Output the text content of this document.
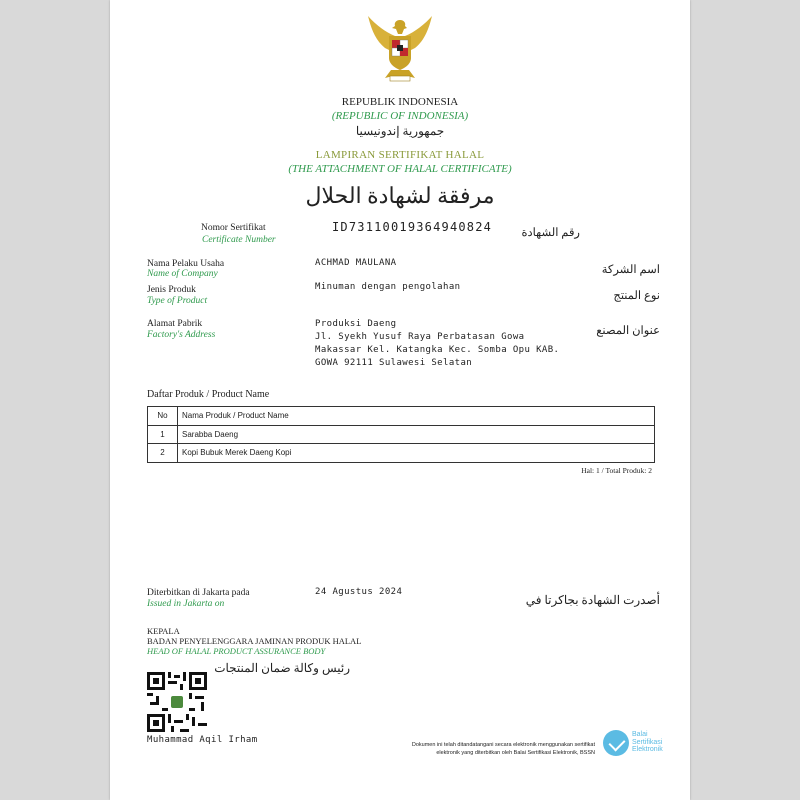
REPUBLIK INDONESIA
(REPUBLIC OF INDONESIA)
جمهورية إندونيسيا
LAMPIRAN SERTIFIKAT HALAL
(THE ATTACHMENT OF HALAL CERTIFICATE)
مرفقة لشهادة الحلال
Nomor Sertifikat
Certificate Number
ID73110019364940824	رقم الشهادة
Nama Pelaku Usaha
Name of Company
ACHMAD MAULANA
اسم الشركة
Jenis Produk
Type of Product
Minuman dengan pengolahan
نوع المنتج
Alamat Pabrik
Factory's Address
Produksi Daeng
Jl. Syekh Yusuf Raya Perbatasan Gowa
Makassar Kel. Katangka Kec. Somba Opu KAB.
GOWA 92111 Sulawesi Selatan
عنوان المصنع
Daftar Produk / Product Name
No	Nama Produk / Product Name
1	Sarabba Daeng
2	Kopi Bubuk Merek Daeng Kopi
Hal: 1 / Total Produk: 2
Diterbitkan di Jakarta pada
Issued in Jakarta on
24 Agustus 2024
أصدرت الشهادة بجاكرتا في
KEPALA
BADAN PENYELENGGARA JAMINAN PRODUK HALAL
HEAD OF HALAL PRODUCT ASSURANCE BODY
رئيس وكالة ضمان المنتجات
Muhammad Aqil Irham	Dokumen ini telah ditandatangani secara elektronik menggunakan sertifikat
elektronik yang diterbitkan oleh Balai Sertifikasi Elektronik, BSSN
Balai
Sertifikasi
Elektronik
